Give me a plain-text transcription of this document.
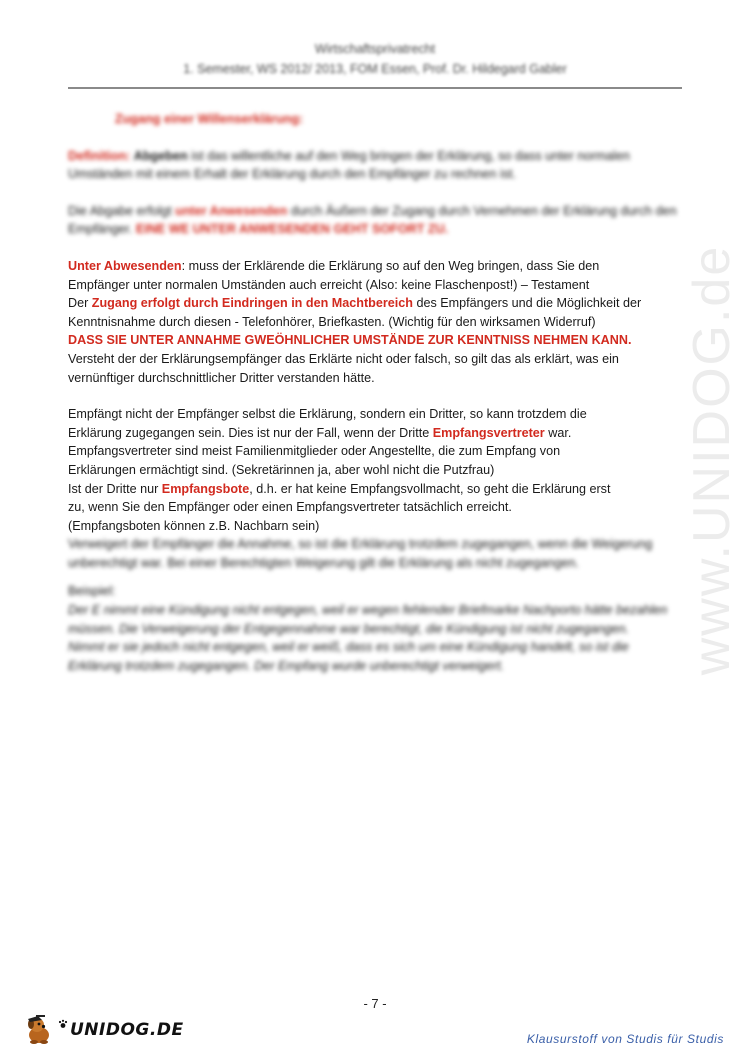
Wirtschaftsprivatrecht
1. Semester, WS 2012/ 2013, FOM Essen, Prof. Dr. Hildegard Gabler
www.UNIDOG.de

Zugang einer Willenserklärung:

Definition: Abgeben ist das willentliche auf den Weg bringen der Erklärung, so dass unter normalen Umständen mit einem Erhalt der Erklärung durch den Empfänger zu rechnen ist.

Die Abgabe erfolgt unter Anwesenden durch Äußern der Zugang durch Vernehmen der Erklärung durch den Empfänger. EINE WE UNTER ANWESENDEN GEHT SOFORT ZU.

Unter Abwesenden: muss der Erklärende die Erklärung so auf den Weg bringen, dass Sie den

Empfänger unter normalen Umständen auch erreicht (Also: keine Flaschenpost!) – Testament

Der Zugang erfolgt durch Eindringen in den Machtbereich des Empfängers und die Möglichkeit der

Kenntnisnahme durch diesen - Telefonhörer, Briefkasten. (Wichtig für den wirksamen Widerruf)

DASS SIE UNTER ANNAHME GWEÖHNLICHER UMSTÄNDE ZUR KENNTNISS NEHMEN KANN.

Versteht der der Erklärungsempfänger das Erklärte nicht oder falsch, so gilt das als erklärt, was ein

vernünftiger durchschnittlicher Dritter verstanden hätte.

Empfängt nicht der Empfänger selbst die Erklärung, sondern ein Dritter, so kann trotzdem die

Erklärung zugegangen sein. Dies ist nur der Fall, wenn der Dritte Empfangsvertreter war.

Empfangsvertreter sind meist Familienmitglieder oder Angestellte, die zum Empfang von

Erklärungen ermächtigt sind. (Sekretärinnen ja, aber wohl nicht die Putzfrau)

Ist der Dritte nur Empfangsbote, d.h. er hat keine Empfangsvollmacht, so geht die Erklärung erst

zu, wenn Sie den Empfänger oder einen Empfangsvertreter tatsächlich erreicht.

(Empfangsboten können z.B. Nachbarn sein)

Verweigert der Empfänger die Annahme, so ist die Erklärung trotzdem zugegangen, wenn die Weigerung unberechtigt war. Bei einer Berechtigten Weigerung gilt die Erklärung als nicht zugegangen.

Beispiel:

Der E nimmt eine Kündigung nicht entgegen, weil er wegen fehlender Briefmarke Nachporto hätte bezahlen müssen. Die Verweigerung der Entgegennahme war berechtigt, die Kündigung ist nicht zugegangen.

Nimmt er sie jedoch nicht entgegen, weil er weiß, dass es sich um eine Kündigung handelt, so ist die Erklärung trotzdem zugegangen. Der Empfang wurde unberechtigt verweigert.

- 7 -
UNIDOG.DE	Klausurstoff von Studis für Studis
